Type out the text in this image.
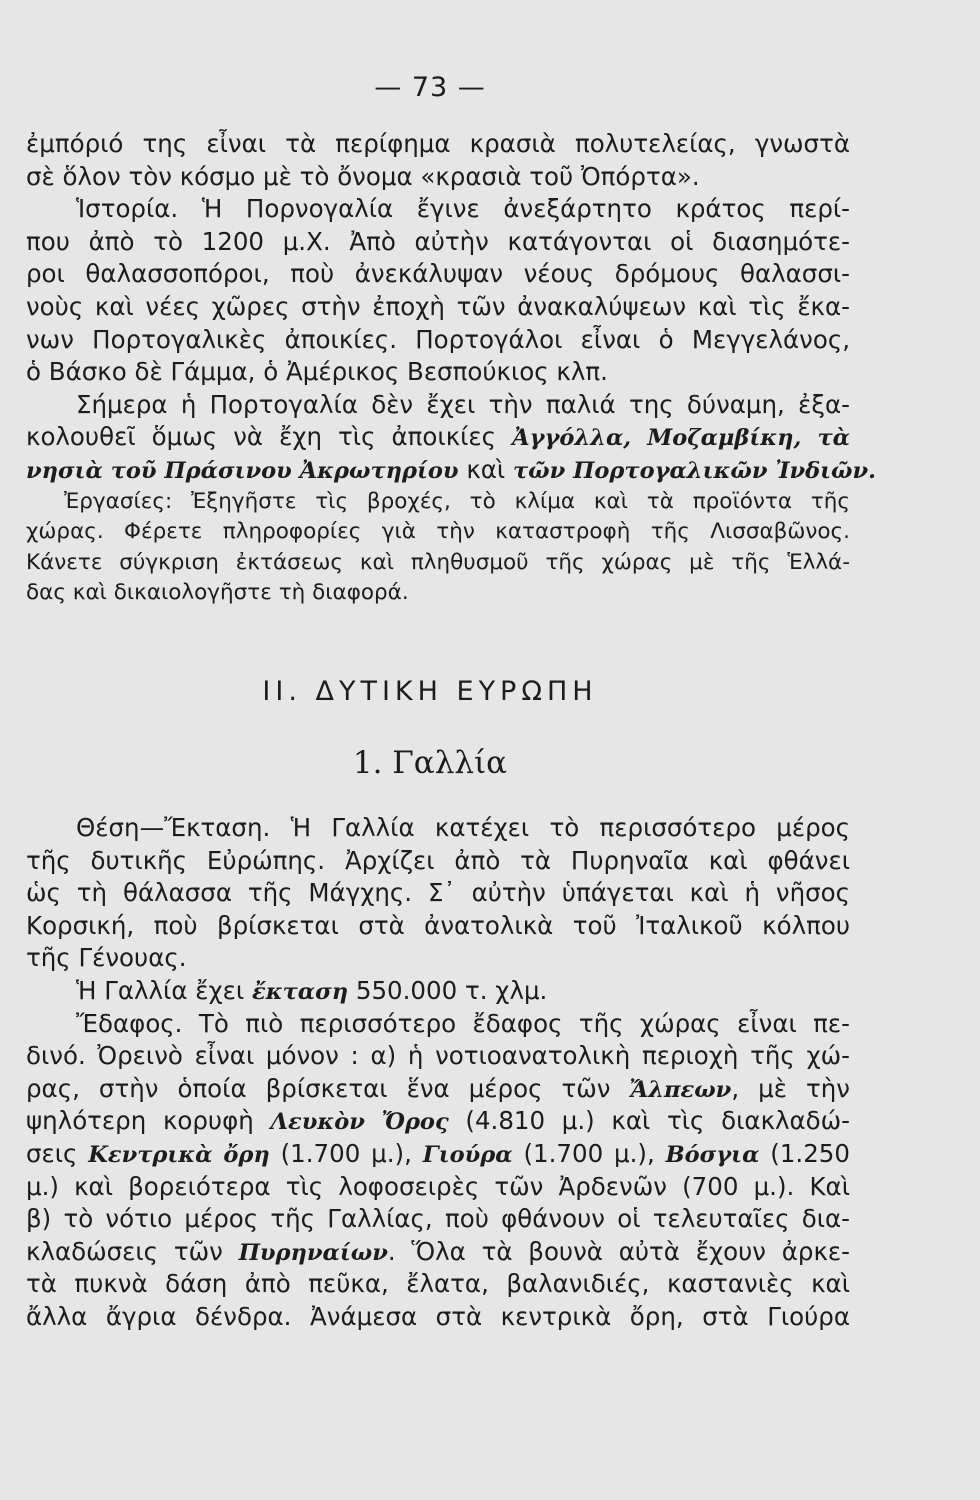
— 73 —
ἐμπόριό της εἶναι τὰ περίφημα κρασιὰ πολυτελείας, γνωστὰ
σὲ ὅλον τὸν κόσμο μὲ τὸ ὄνομα «κρασιὰ τοῦ Ὀπόρτα».
Ἱστορία. Ἡ Πορνογαλία ἔγινε ἀνεξάρτητο κράτος περί-
που ἀπὸ τὸ 1200 μ.Χ. Ἀπὸ αὐτὴν κατάγονται οἱ διασημότε-
ροι θαλασσοπόροι, ποὺ ἀνεκάλυψαν νέους δρόμους θαλασσι-
νοὺς καὶ νέες χῶρες στὴν ἐποχὴ τῶν ἀνακαλύψεων καὶ τὶς ἔκα-
νων Πορτογαλικὲς ἀποικίες. Πορτογάλοι εἶναι ὁ Μεγγελάνος,
ὁ Βάσκο δὲ Γάμμα, ὁ Ἀμέρικος Βεσπούκιος κλπ.
Σήμερα ἡ Πορτογαλία δὲν ἔχει τὴν παλιά της δύναμη, ἐξα-
κολουθεῖ ὅμως νὰ ἔχη τὶς ἀποικίες Ἀγγόλλα, Μοζαμβίκη, τὰ
νησιὰ τοῦ Πράσινου Ἀκρωτηρίου καὶ τῶν Πορτογαλικῶν Ἰνδιῶν.
Ἐργασίες: Ἐξηγῆστε τὶς βροχές, τὸ κλίμα καὶ τὰ προϊόντα τῆς
χώρας. Φέρετε πληροφορίες γιὰ τὴν καταστροφὴ τῆς Λισσαβῶνος.
Κάνετε σύγκριση ἐκτάσεως καὶ πληθυσμοῦ τῆς χώρας μὲ τῆς Ἑλλά-
δας καὶ δικαιολογῆστε τὴ διαφορά.
II. ΔΥΤΙΚΗ ΕΥΡΩΠΗ
1. Γαλλία
Θέση—Ἔκταση. Ἡ Γαλλία κατέχει τὸ περισσότερο μέρος
τῆς δυτικῆς Εὐρώπης. Ἀρχίζει ἀπὸ τὰ Πυρηναῖα καὶ φθάνει
ὡς τὴ θάλασσα τῆς Μάγχης. Σ᾿ αὐτὴν ὑπάγεται καὶ ἡ νῆσος
Κορσική, ποὺ βρίσκεται στὰ ἀνατολικὰ τοῦ Ἰταλικοῦ κόλπου
τῆς Γένουας.
Ἡ Γαλλία ἔχει ἔκταση 550.000 τ. χλμ.
Ἔδαφος. Τὸ πιὸ περισσότερο ἔδαφος τῆς χώρας εἶναι πε-
δινό. Ὀρεινὸ εἶναι μόνον : α) ἡ νοτιοανατολικὴ περιοχὴ τῆς χώ-
ρας, στὴν ὁποία βρίσκεται ἕνα μέρος τῶν Ἄλπεων, μὲ τὴν
ψηλότερη κορυφὴ Λευκὸν Ὄρος (4.810 μ.) καὶ τὶς διακλαδώ-
σεις Κεντρικὰ ὄρη (1.700 μ.), Γιούρα (1.700 μ.), Βόσγια (1.250
μ.) καὶ βορειότερα τὶς λοφοσειρὲς τῶν Ἀρδενῶν (700 μ.). Καὶ
β) τὸ νότιο μέρος τῆς Γαλλίας, ποὺ φθάνουν οἱ τελευταῖες δια-
κλαδώσεις τῶν Πυρηναίων. Ὅλα τὰ βουνὰ αὐτὰ ἔχουν ἀρκε-
τὰ πυκνὰ δάση ἀπὸ πεῦκα, ἔλατα, βαλανιδιές, καστανιὲς καὶ
ἄλλα ἄγρια δένδρα. Ἀνάμεσα στὰ κεντρικὰ ὄρη, στὰ Γιούρα
